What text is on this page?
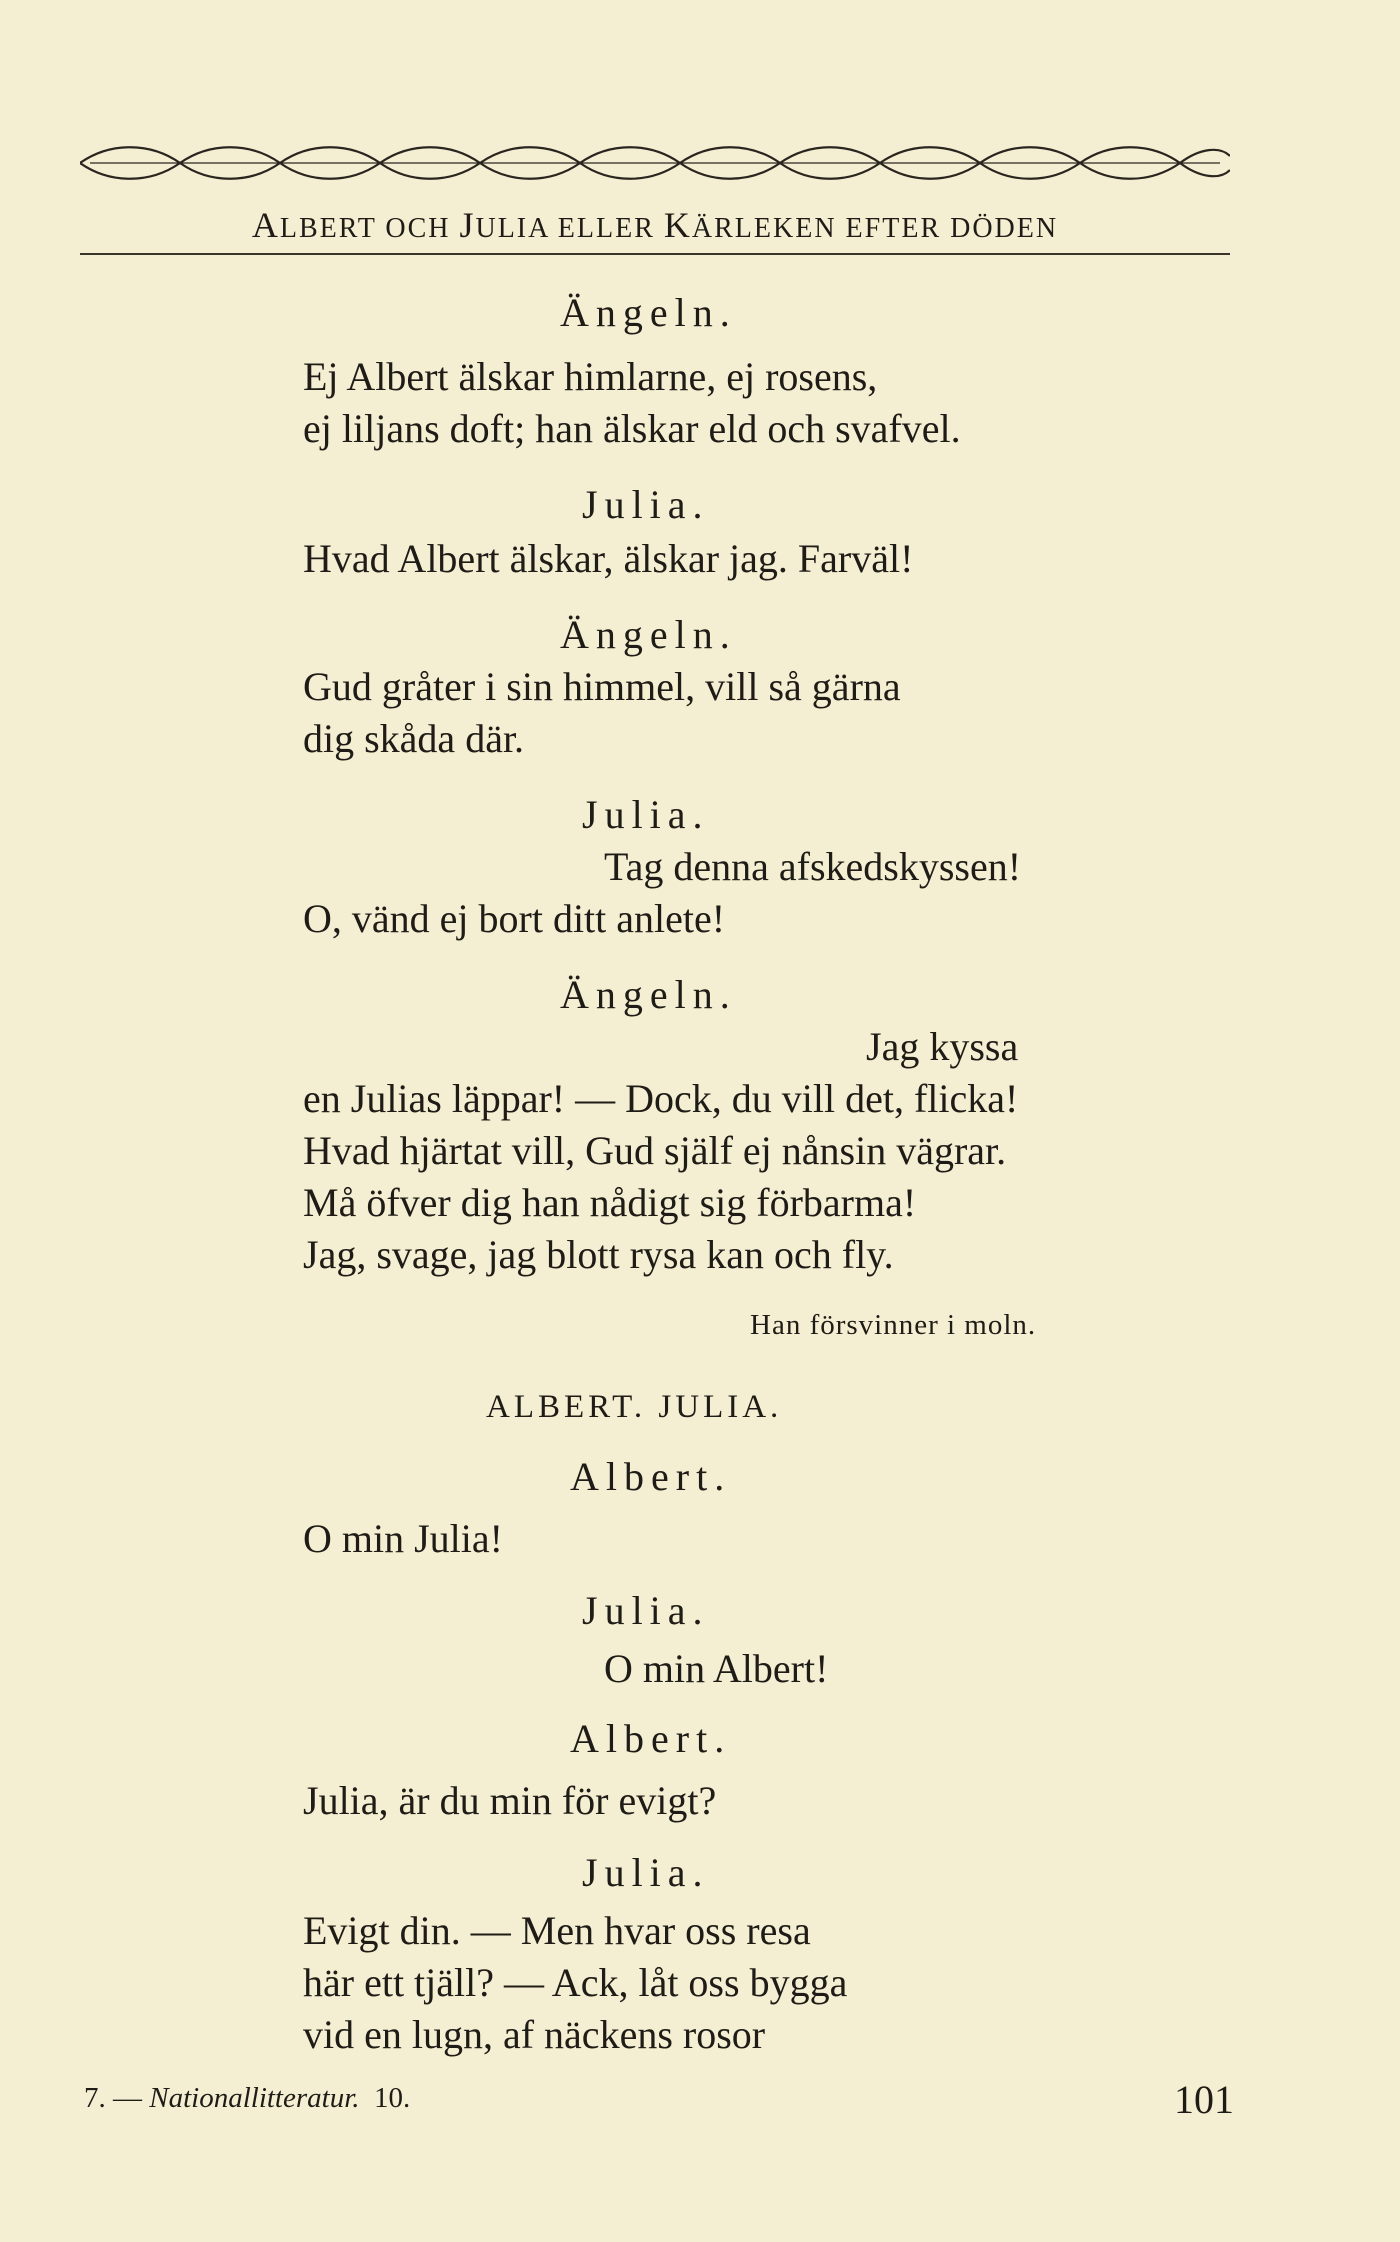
ALBERT OCH JULIA ELLER KÄRLEKEN EFTER DÖDEN
Ängeln.
Ej Albert älskar himlarne, ej rosens,
ej liljans doft; han älskar eld och svafvel.
Julia.
Hvad Albert älskar, älskar jag. Farväl!
Ängeln.
Gud gråter i sin himmel, vill så gärna
dig skåda där.
Julia.
Tag denna afskedskyssen!
O, vänd ej bort ditt anlete!
Ängeln.
Jag kyssa
en Julias läppar! — Dock, du vill det, flicka!
Hvad hjärtat vill, Gud själf ej nånsin vägrar.
Må öfver dig han nådigt sig förbarma!
Jag, svage, jag blott rysa kan och fly.
Han försvinner i moln.
ALBERT. JULIA.
Albert.
O min Julia!
Julia.
O min Albert!
Albert.
Julia, är du min för evigt?
Julia.
Evigt din. — Men hvar oss resa
här ett tjäll? — Ack, låt oss bygga
vid en lugn, af näckens rosor
7. — Nationallitteratur. 10.	101
